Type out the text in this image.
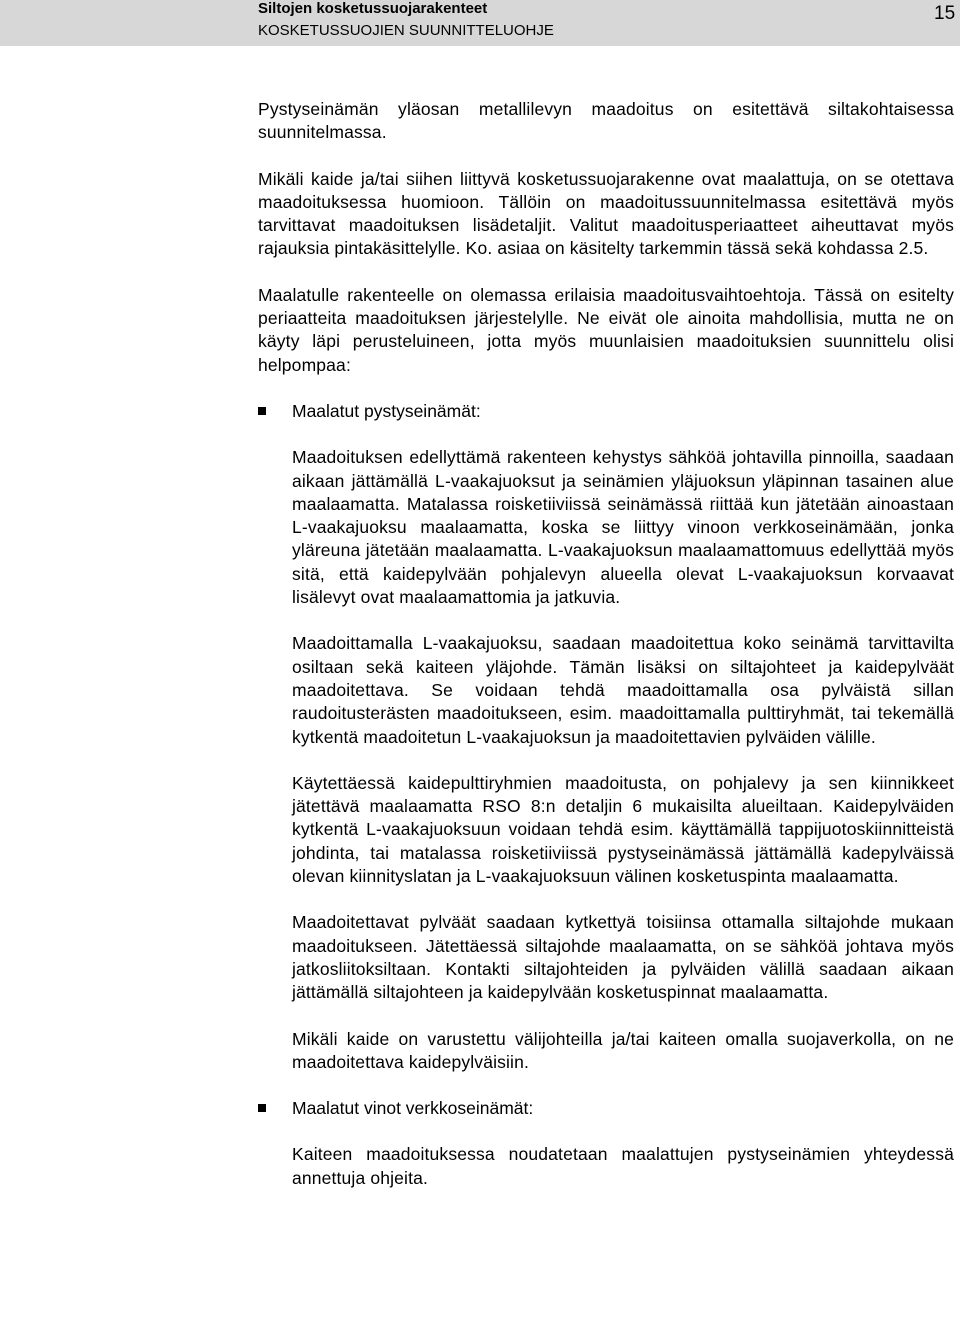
Siltojen kosketussuojarakenteet
KOSKETUSSUOJIEN SUUNNITTELUOHJE
15

Pystyseinämän yläosan metallilevyn maadoitus on esitettävä siltakohtaisessa suunnitelmassa.

Mikäli kaide ja/tai siihen liittyvä kosketussuojarakenne ovat maalattuja, on se otettava maadoituksessa huomioon. Tällöin on maadoitussuunnitelmassa esitettävä myös tarvittavat maadoituksen lisädetaljit. Valitut maadoitusperiaatteet aiheuttavat myös rajauksia pintakäsittelylle. Ko. asiaa on käsitelty tarkemmin tässä sekä kohdassa 2.5.

Maalatulle rakenteelle on olemassa erilaisia maadoitusvaihtoehtoja. Tässä on esitelty periaatteita maadoituksen järjestelylle. Ne eivät ole ainoita mahdollisia, mutta ne on käyty läpi perusteluineen, jotta myös muunlaisien maadoituksien suunnittelu olisi helpompaa:

Maalatut pystyseinämät:

Maadoituksen edellyttämä rakenteen kehystys sähköä johtavilla pinnoilla, saadaan aikaan jättämällä L-vaakajuoksut ja seinämien yläjuoksun yläpinnan tasainen alue maalaamatta. Matalassa roisketiiviissä seinämässä riittää kun jätetään ainoastaan L-vaakajuoksu maalaamatta, koska se liittyy vinoon verkkoseinämään, jonka yläreuna jätetään maalaamatta. L-vaakajuoksun maalaamattomuus edellyttää myös sitä, että kaidepylvään pohjalevyn alueella olevat L-vaakajuoksun korvaavat lisälevyt ovat maalaamattomia ja jatkuvia.

Maadoittamalla L-vaakajuoksu, saadaan maadoitettua koko seinämä tarvittavilta osiltaan sekä kaiteen yläjohde. Tämän lisäksi on siltajohteet ja kaidepylväät maadoitettava. Se voidaan tehdä maadoittamalla osa pylväistä sillan raudoitusterästen maadoitukseen, esim. maadoittamalla pulttiryhmät, tai tekemällä kytkentä maadoitetun L-vaakajuoksun ja maadoitettavien pylväiden välille.

Käytettäessä kaidepulttiryhmien maadoitusta, on pohjalevy ja sen kiinnikkeet jätettävä maalaamatta RSO 8:n detaljin 6 mukaisilta alueiltaan. Kaidepylväiden kytkentä L-vaakajuoksuun voidaan tehdä esim. käyttämällä tappijuotoskiinnitteistä johdinta, tai matalassa roisketiiviissä pystyseinämässä jättämällä kadepylväissä olevan kiinnityslatan ja L-vaakajuoksuun välinen kosketuspinta maalaamatta.

Maadoitettavat pylväät saadaan kytkettyä toisiinsa ottamalla siltajohde mukaan maadoitukseen. Jätettäessä siltajohde maalaamatta, on se sähköä johtava myös jatkosliitoksiltaan. Kontakti siltajohteiden ja pylväiden välillä saadaan aikaan jättämällä siltajohteen ja kaidepylvään kosketuspinnat maalaamatta.

Mikäli kaide on varustettu välijohteilla ja/tai kaiteen omalla suojaverkolla, on ne maadoitettava kaidepylväisiin.

Maalatut vinot verkkoseinämät:

Kaiteen maadoituksessa noudatetaan maalattujen pystyseinämien yhteydessä annettuja ohjeita.
